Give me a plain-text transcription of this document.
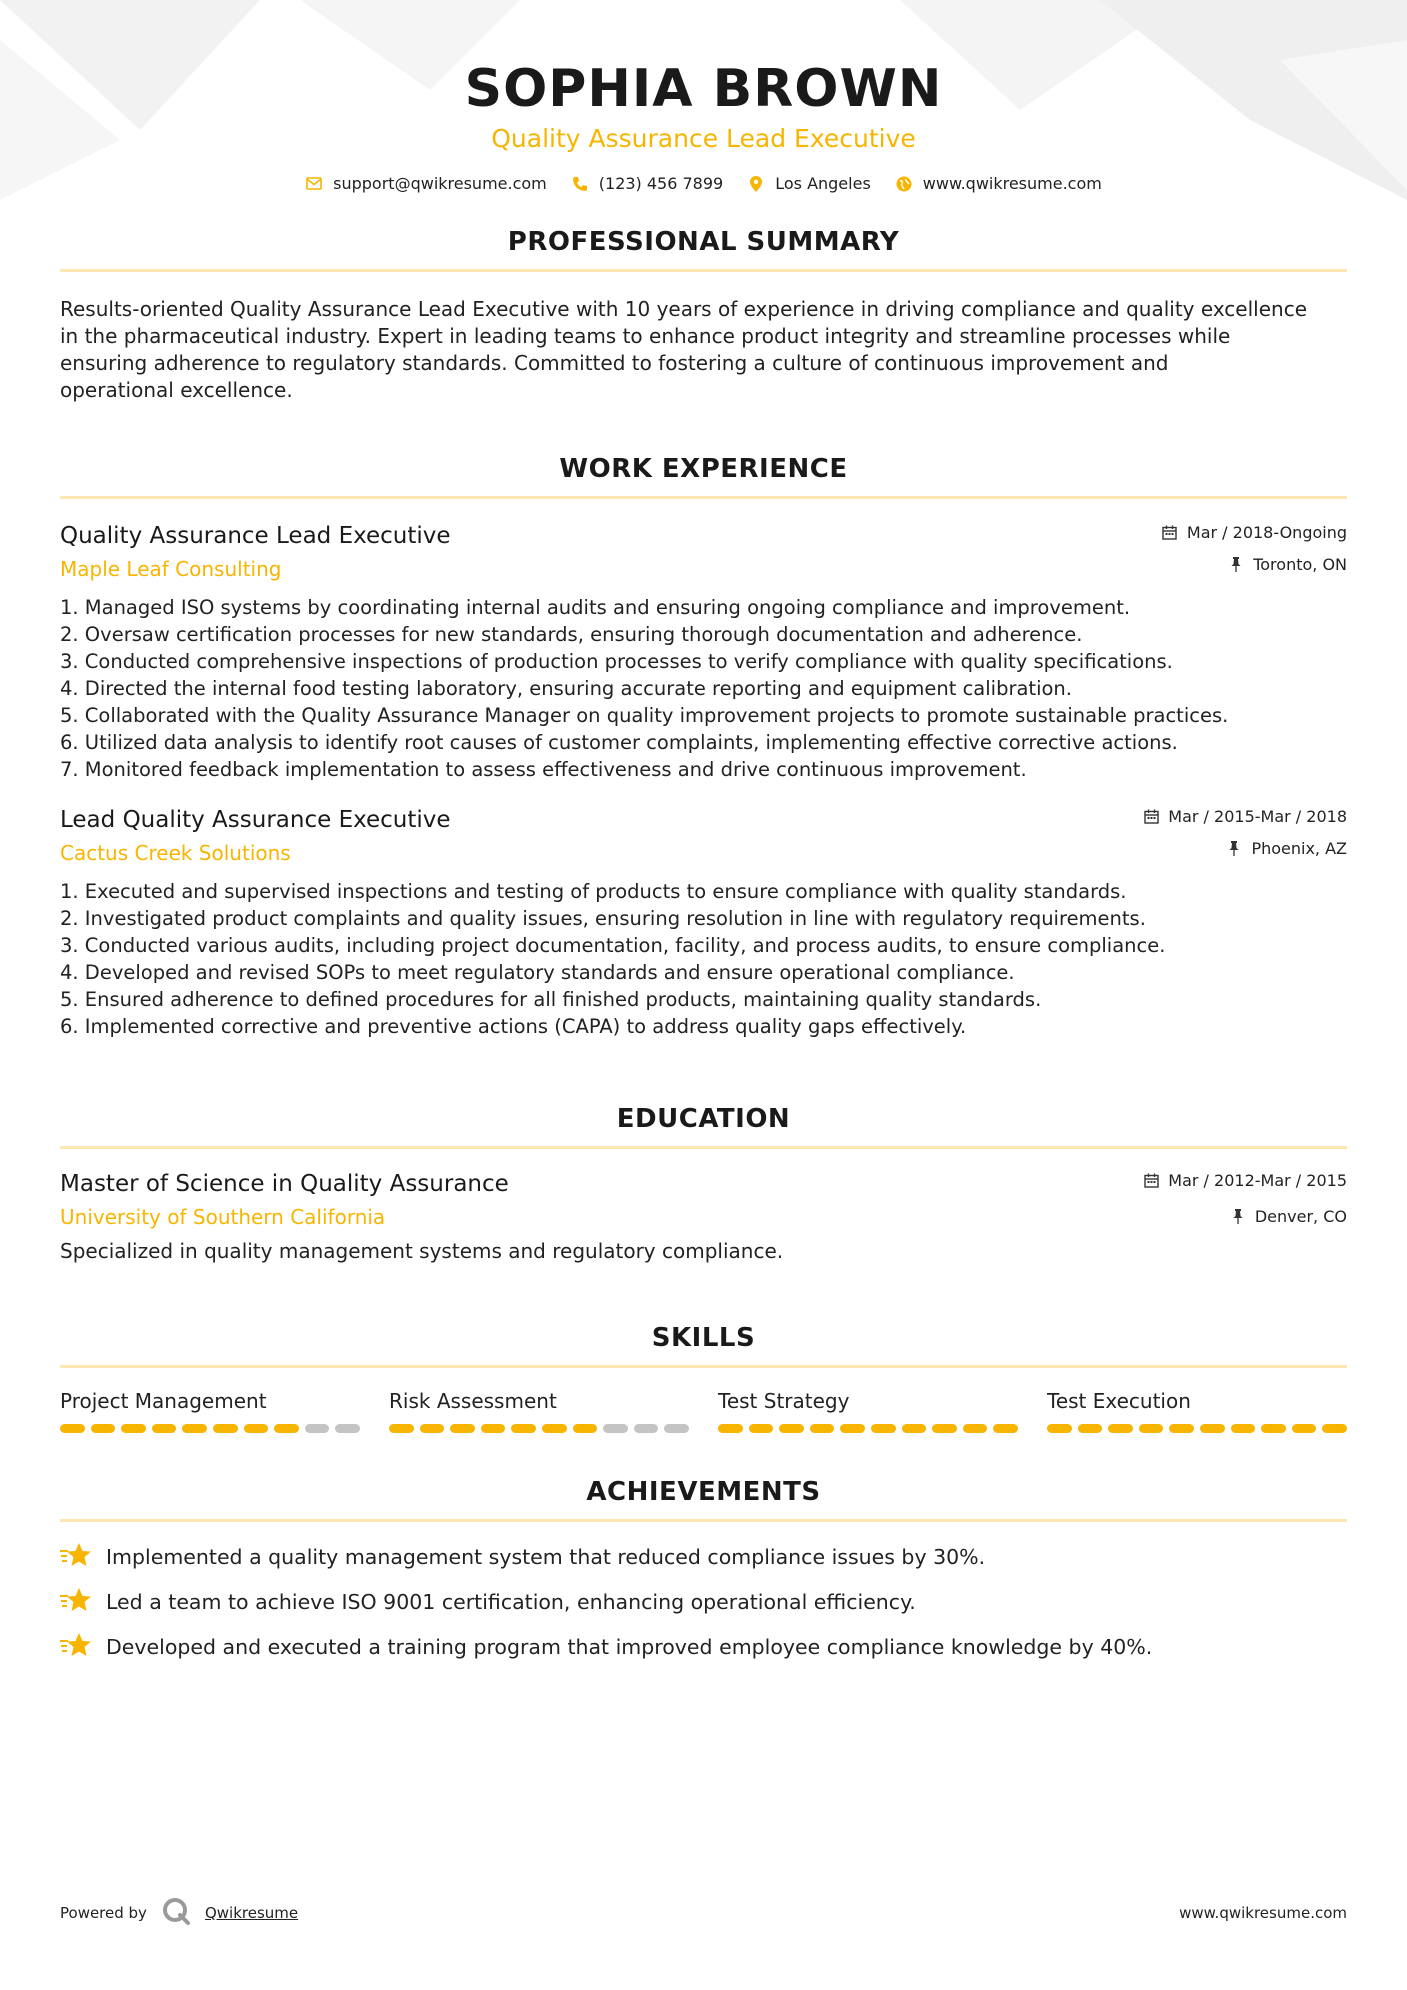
SOPHIA BROWN
Quality Assurance Lead Executive
support@qwikresume.com	(123) 456 7899	Los Angeles	www.qwikresume.com
PROFESSIONAL SUMMARY
Results-oriented Quality Assurance Lead Executive with 10 years of experience in driving compliance and quality excellence
in the pharmaceutical industry. Expert in leading teams to enhance product integrity and streamline processes while
ensuring adherence to regulatory standards. Committed to fostering a culture of continuous improvement and
operational excellence.
WORK EXPERIENCE
Quality Assurance Lead Executive
Maple Leaf Consulting
Mar / 2018-Ongoing
Toronto, ON
1. Managed ISO systems by coordinating internal audits and ensuring ongoing compliance and improvement.
2. Oversaw certification processes for new standards, ensuring thorough documentation and adherence.
3. Conducted comprehensive inspections of production processes to verify compliance with quality specifications.
4. Directed the internal food testing laboratory, ensuring accurate reporting and equipment calibration.
5. Collaborated with the Quality Assurance Manager on quality improvement projects to promote sustainable practices.
6. Utilized data analysis to identify root causes of customer complaints, implementing effective corrective actions.
7. Monitored feedback implementation to assess effectiveness and drive continuous improvement.
Lead Quality Assurance Executive
Cactus Creek Solutions
Mar / 2015-Mar / 2018
Phoenix, AZ
1. Executed and supervised inspections and testing of products to ensure compliance with quality standards.
2. Investigated product complaints and quality issues, ensuring resolution in line with regulatory requirements.
3. Conducted various audits, including project documentation, facility, and process audits, to ensure compliance.
4. Developed and revised SOPs to meet regulatory standards and ensure operational compliance.
5. Ensured adherence to defined procedures for all finished products, maintaining quality standards.
6. Implemented corrective and preventive actions (CAPA) to address quality gaps effectively.
EDUCATION
Master of Science in Quality Assurance
University of Southern California
Mar / 2012-Mar / 2015
Denver, CO
Specialized in quality management systems and regulatory compliance.
SKILLS
Project Management	Risk Assessment	Test Strategy	Test Execution
ACHIEVEMENTS
Implemented a quality management system that reduced compliance issues by 30%.
Led a team to achieve ISO 9001 certification, enhancing operational efficiency.
Developed and executed a training program that improved employee compliance knowledge by 40%.
Powered by	Qwikresume	www.qwikresume.com
